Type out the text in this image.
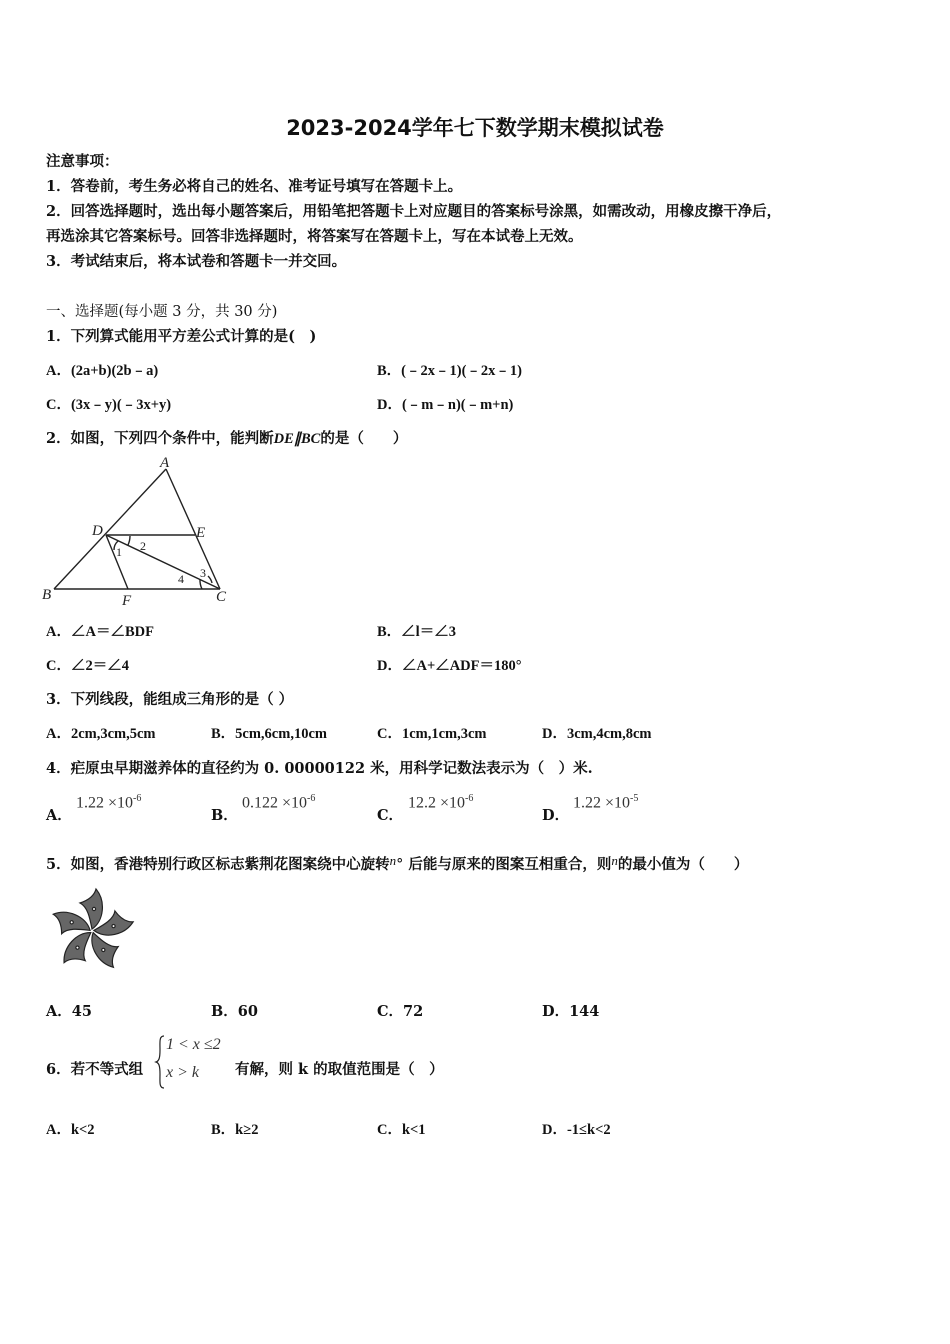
2023-2024学年七下数学期末模拟试卷
注意事项：
1．答卷前，考生务必将自己的姓名、准考证号填写在答题卡上。
2．回答选择题时，选出每小题答案后，用铅笔把答题卡上对应题目的答案标号涂黑，如需改动，用橡皮擦干净后，
再选涂其它答案标号。回答非选择题时，将答案写在答题卡上，写在本试卷上无效。
3．考试结束后，将本试卷和答题卡一并交回。
一、选择题(每小题 3 分，共 30 分)
1．下列算式能用平方差公式计算的是(　)
A．(2a+b)(2b﹣a)	B．(﹣2x﹣1)(﹣2x﹣1)
C．(3x﹣y)(﹣3x+y)	D．(﹣m﹣n)(﹣m+n)
2．如图，下列四个条件中，能判断DE∥BC的是（　　）
A
B	C
D	E
F
1 2
3
4
A．∠A＝∠BDF	B．∠l＝∠3
C．∠2＝∠4	D．∠A+∠ADF＝180°
3．下列线段，能组成三角形的是（ ）
A．2cm,3cm,5cm	B．5cm,6cm,10cm	C．1cm,1cm,3cm	D．3cm,4cm,8cm
4．疟原虫早期滋养体的直径约为 0. 00000122 米，用科学记数法表示为（　）米.
A．
$1.22 \times 10^{-6}$
B．
$0.122 \times 10^{-6}$
C．
$12.2 \times 10^{-6}$
D．
$1.22 \times 10^{-5}$
5．如图，香港特别行政区标志紫荆花图案绕中心旋转n° 后能与原来的图案互相重合，则n的最小值为（　　）
A．45	B．60	C．72	D．144
6．若不等式组
1 < x ≤2
x > k 有解，则 k 的取值范围是（　）
A．k<2	B．k≥2	C．k<1	D．-1≤k<2
